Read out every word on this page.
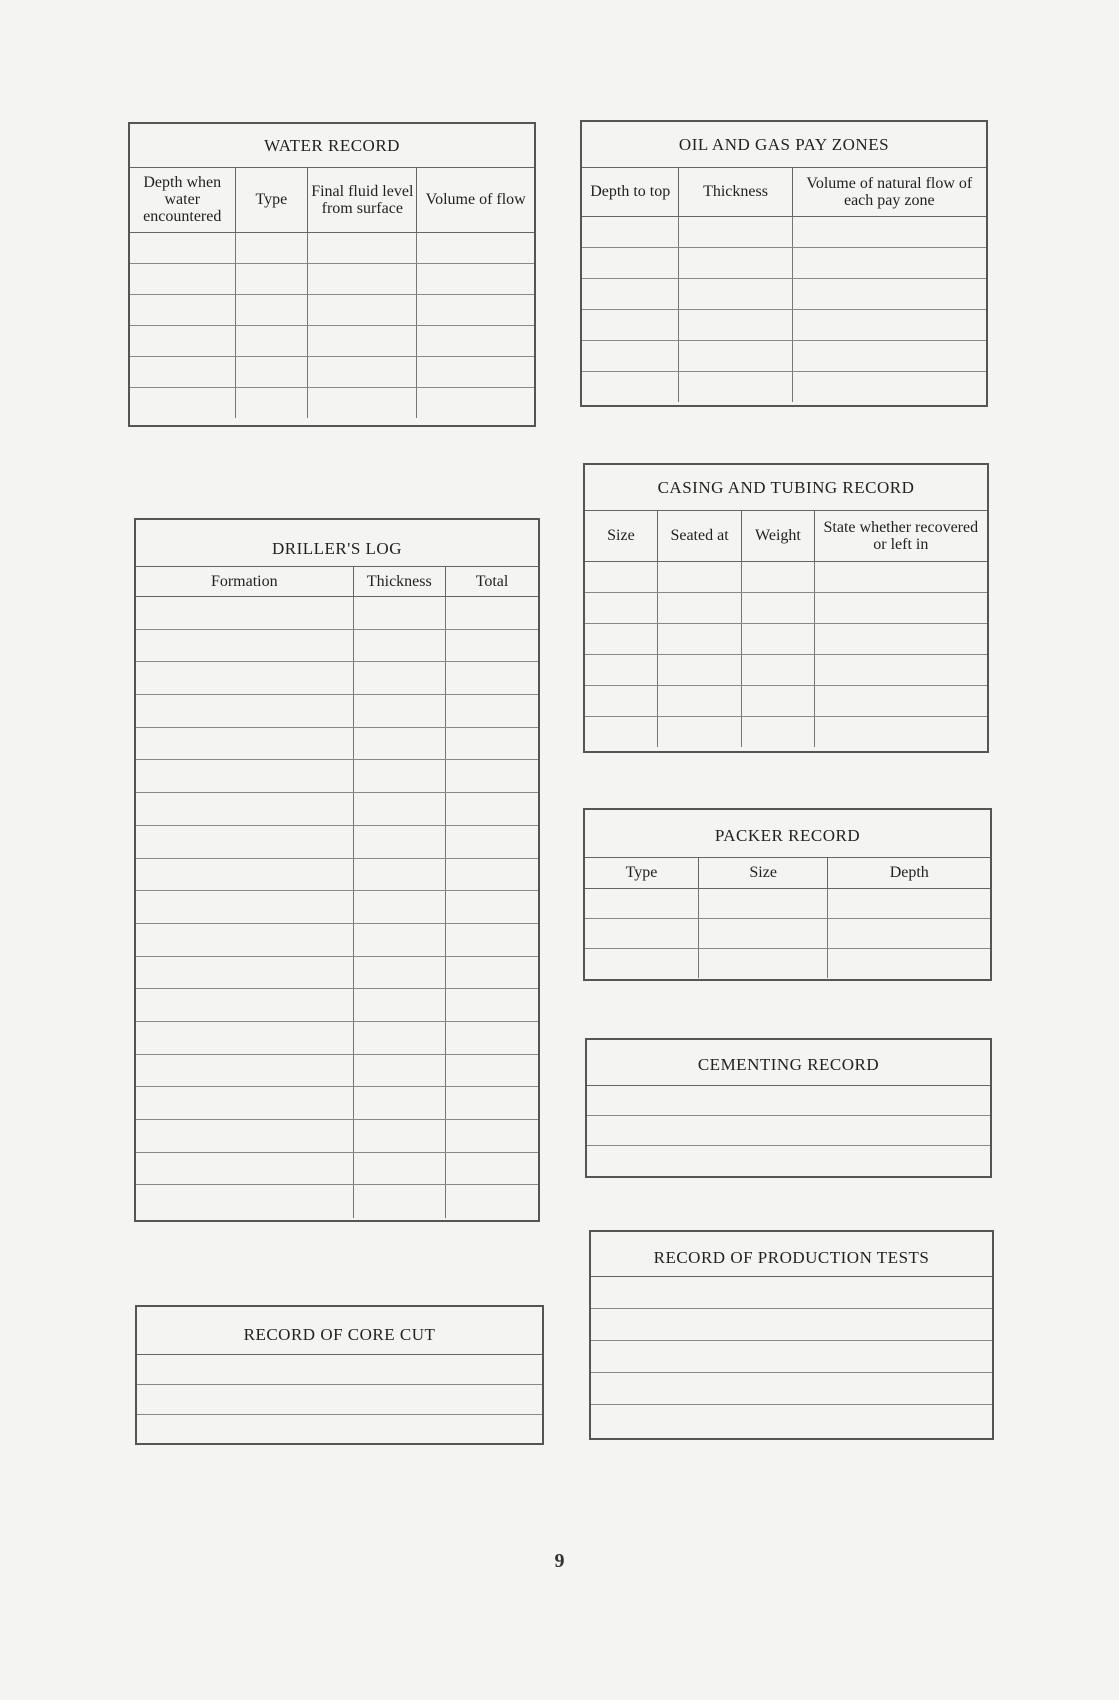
WATER RECORD
Depth when water encountered	Type	Final fluid level from surface	Volume of flow

OIL AND GAS PAY ZONES
Depth to top	Thickness	Volume of natural flow of each pay zone

CASING AND TUBING RECORD
Size	Seated at	Weight	State whether recovered or left in

DRILLER'S LOG
Formation	Thickness	Total

PACKER RECORD
Type	Size	Depth

CEMENTING RECORD
RECORD OF PRODUCTION TESTS
RECORD OF CORE CUT
9
